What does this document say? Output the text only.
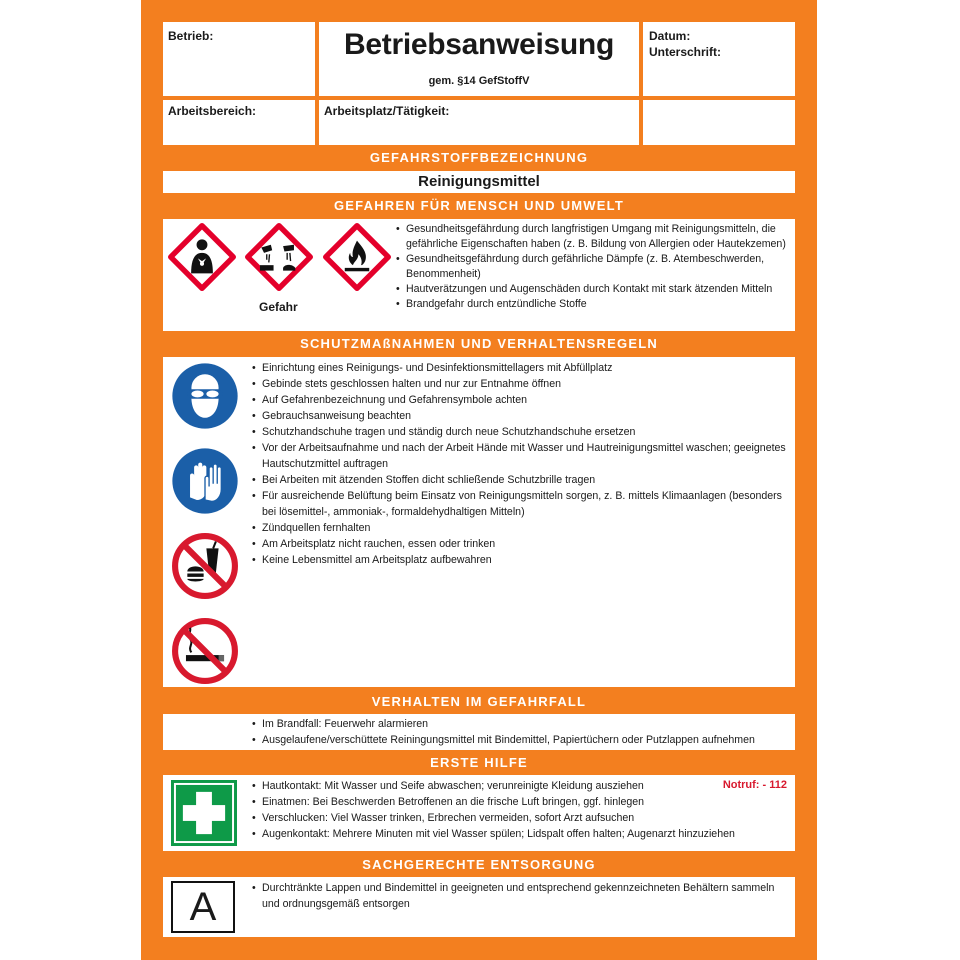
Betrieb:	Betriebsanweisung
gem. §14 GefStoffV
Datum:
Unterschrift:
Arbeitsbereich:	Arbeitsplatz/Tätigkeit:
GEFAHRSTOFFBEZEICHNUNG
Reinigungsmittel
GEFAHREN FÜR MENSCH UND UMWELT
Gefahr
• Gesundheitsgefährdung durch langfristigen Umgang mit Reinigungsmitteln, die gefährliche Eigenschaften haben (z. B. Bildung von Allergien oder Hautekzemen)
• Gesundheitsgefährdung durch gefährliche Dämpfe (z. B. Atembeschwerden, Benommenheit)
• Hautverätzungen und Augenschäden durch Kontakt mit stark ätzenden Mitteln
• Brandgefahr durch entzündliche Stoffe
SCHUTZMAßNAHMEN UND VERHALTENSREGELN
• Einrichtung eines Reinigungs- und Desinfektionsmittellagers mit Abfüllplatz
• Gebinde stets geschlossen halten und nur zur Entnahme öffnen
• Auf Gefahrenbezeichnung und Gefahrensymbole achten
• Gebrauchsanweisung beachten
• Schutzhandschuhe tragen und ständig durch neue Schutzhandschuhe ersetzen
• Vor der Arbeitsaufnahme und nach der Arbeit Hände mit Wasser und Hautreinigungsmittel waschen; geeignetes Hautschutzmittel auftragen
• Bei Arbeiten mit ätzenden Stoffen dicht schließende Schutzbrille tragen
• Für ausreichende Belüftung beim Einsatz von Reinigungsmitteln sorgen, z. B. mittels Klimaanlagen (besonders bei lösemittel-, ammoniak-, formaldehydhaltigen Mitteln)
• Zündquellen fernhalten
• Am Arbeitsplatz nicht rauchen, essen oder trinken
• Keine Lebensmittel am Arbeitsplatz aufbewahren
VERHALTEN IM GEFAHRFALL
• Im Brandfall: Feuerwehr alarmieren
• Ausgelaufene/verschüttete Reiningungsmittel mit Bindemittel, Papiertüchern oder Putzlappen aufnehmen
ERSTE HILFE
• Hautkontakt: Mit Wasser und Seife abwaschen; verunreinigte Kleidung ausziehen
• Einatmen: Bei Beschwerden Betroffenen an die frische Luft bringen, ggf. hinlegen
• Verschlucken: Viel Wasser trinken, Erbrechen vermeiden, sofort Arzt aufsuchen
• Augenkontakt: Mehrere Minuten mit viel Wasser spülen; Lidspalt offen halten; Augenarzt hinzuziehen
Notruf: - 112
SACHGERECHTE ENTSORGUNG
A
•	Durchtränkte Lappen und Bindemittel in geeigneten und entsprechend gekennzeichneten Behältern sammeln und ordnungsgemäß entsorgen
